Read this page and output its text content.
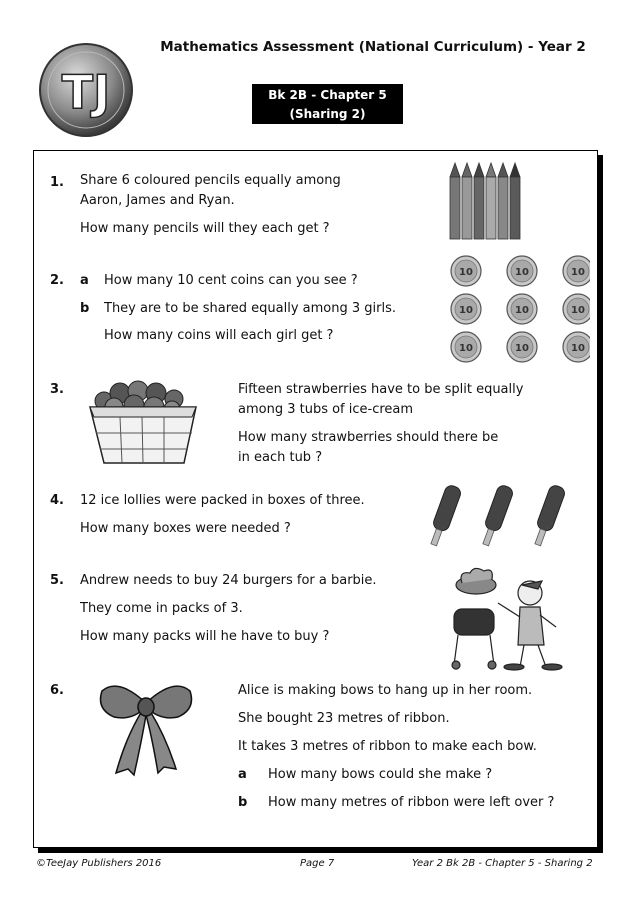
TJ
Mathematics Assessment (National Curriculum) - Year 2
Bk 2B - Chapter 5
(Sharing 2)
1. Share 6 coloured pencils equally among
Aaron, James and Ryan.
How many pencils will they each get ?
2. a How many 10 cent coins can you see ?
b They are to be shared equally among 3 girls.
How many coins will each girl get ?
10	10	10
10	10	10
10	10	10
3.	Fifteen strawberries have to be split equally
among 3 tubs of ice-cream
How many strawberries should there be
in each tub ?
4. 12 ice lollies were packed in boxes of three.
How many boxes were needed ?
5. Andrew needs to buy 24 burgers for a barbie.
They come in packs of 3.
How many packs will he have to buy ?
6.	Alice is making bows to hang up in her room.
She bought 23 metres of ribbon.
It takes 3 metres of ribbon to make each bow.
a How many bows could she make ?
b How many metres of ribbon were left over ?
©TeeJay Publishers 2016	Page 7	Year 2 Bk 2B - Chapter 5 - Sharing 2
